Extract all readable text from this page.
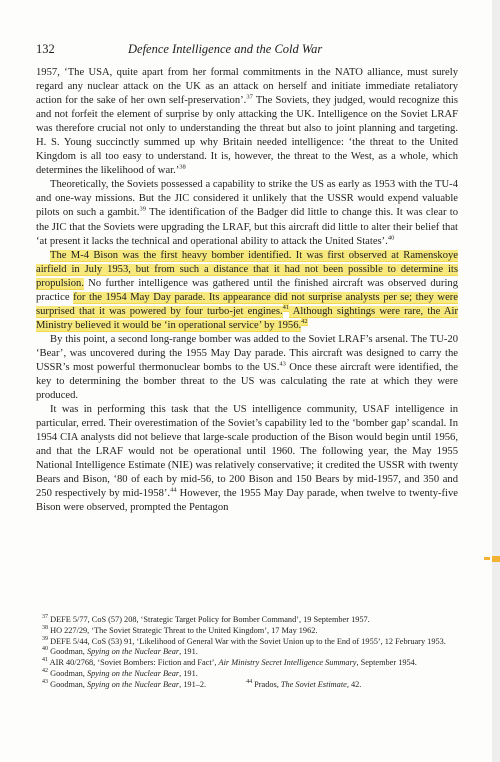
132	Defence Intelligence and the Cold War

1957, ‘The USA, quite apart from her formal commitments in the NATO alliance, must surely regard any nuclear attack on the UK as an attack on herself and initiate immediate retaliatory action for the sake of her own self-preservation’.$^{37}$ The Soviets, they judged, would recognize this and not forfeit the element of surprise by only attacking the UK. Intelligence on the Soviet LRAF was therefore crucial not only to understanding the threat but also to joint planning and targeting. H. S. Young succinctly summed up why Britain needed intelligence: ‘the threat to the United Kingdom is all too easy to understand. It is, however, the threat to the West, as a whole, which determines the likelihood of war.’$^{38}$

Theoretically, the Soviets possessed a capability to strike the US as early as 1953 with the TU-4 and one-way missions. But the JIC considered it unlikely that the USSR would expend valuable pilots on such a gambit.$^{39}$ The identification of the Badger did little to change this. It was clear to the JIC that the Soviets were upgrading the LRAF, but this aircraft did little to alter their belief that ‘at present it lacks the technical and operational ability to attack the United States’.$^{40}$

The M-4 Bison was the first heavy bomber identified. It was first observed at Ramenskoye airfield in July 1953, but from such a distance that it had not been possible to determine its propulsion. No further intelligence was gathered until the finished aircraft was observed during practice for the 1954 May Day parade. Its appearance did not surprise analysts per se; they were surprised that it was powered by four turbo-jet engines.$^{41}$ Although sightings were rare, the Air Ministry believed it would be ‘in operational service’ by 1956.42

By this point, a second long-range bomber was added to the Soviet LRAF’s arsenal. The TU-20 ‘Bear’, was uncovered during the 1955 May Day parade. This aircraft was designed to carry the USSR’s most powerful thermonuclear bombs to the US.$^{43}$ Once these aircraft were identified, the key to determining the bomber threat to the US was calculating the rate at which they were produced.

It was in performing this task that the US intelligence community, USAF intelligence in particular, erred. Their overestimation of the Soviet’s capability led to the ‘bomber gap’ scandal. In 1954 CIA analysts did not believe that large-scale production of the Bison would begin until 1956, and that the LRAF would not be operational until 1960. The following year, the May 1955 National Intelligence Estimate (NIE) was relatively conservative; it credited the USSR with twenty Bears and Bison, ‘80 of each by mid-56, to 200 Bison and 150 Bears by mid-1957, and 350 and 250 respectively by mid-1958’.$^{44}$ However, the 1955 May Day parade, when twelve to twenty-five Bison were observed, prompted the Pentagon

$^{37}$ DEFE 5/77, CoS (57) 208, ‘Strategic Target Policy for Bomber Command’, 19 September 1957.

$^{38}$ HO 227/29, ‘The Soviet Strategic Threat to the United Kingdom’, 17 May 1962.

$^{39}$ DEFE 5/44, CoS (53) 91, ‘Likelihood of General War with the Soviet Union up to the End of 1955’, 12 February 1953.

$^{40}$ Goodman, Spying on the Nuclear Bear, 191.

$^{41}$ AIR 40/2768, ‘Soviet Bombers: Fiction and Fact’, Air Ministry Secret Intelligence Summary, September 1954.

$^{42}$ Goodman, Spying on the Nuclear Bear, 191.

$^{43}$ Goodman, Spying on the Nuclear Bear, 191–2.	$^{44}$ Prados, The Soviet Estimate, 42.
